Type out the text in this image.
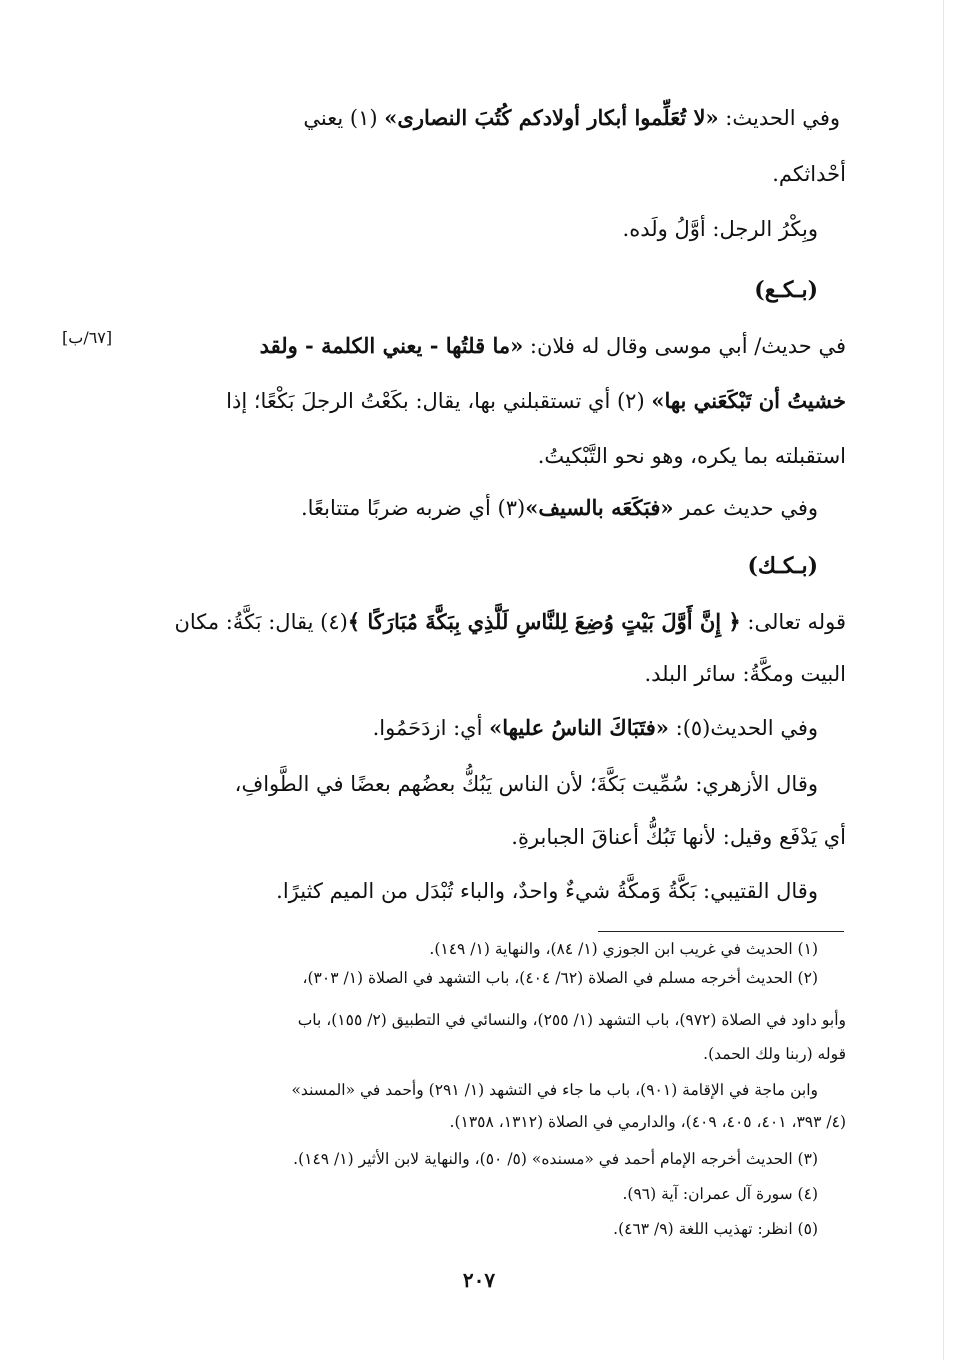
وفي الحديث: «لا تُعَلِّموا أبكار أولادكم كُتُبَ النصارى» (١) يعني
أحْداثكم.
وبِكْرُ الرجل: أوَّلُ ولَده.
(بـكـع)
في حديث/ أبي موسى وقال له فلان: «ما قلتُها - يعني الكلمة - ولقد
[٦٧/ب]
خشيتُ أن تَبْكَعَني بها» (٢) أي تستقبلني بها، يقال: بكَعْتُ الرجلَ بَكْعًا؛ إذا
استقبلته بما يكره، وهو نحو التَّبْكيتُ.
وفي حديث عمر «فبَكَعَه بالسيف»(٣) أي ضربه ضربًا متتابعًا.
(بـكـك)
قوله تعالى: ﴿ إِنَّ أَوَّلَ بَيْتٍ وُضِعَ لِلنَّاسِ لَلَّذِي بِبَكَّةَ مُبَارَكًا ﴾(٤) يقال: بَكَّةُ: مكان
البيت ومكَّةُ: سائر البلد.
وفي الحديث(٥): «فتَبَاكَ الناسُ عليها» أي: ازدَحَمُوا.
وقال الأزهري: سُمِّيت بَكَّةَ؛ لأن الناس يَبُكُّ بعضُهم بعضًا في الطَّوافِ،
أي يَدْفَع وقيل: لأنها تَبُكُّ أعناقَ الجبابرةِ.
وقال القتيبي: بَكَّةُ وَمكَّةُ شيءٌ واحدٌ، والباء تُبْدَل من الميم كثيرًا.
(١) الحديث في غريب ابن الجوزي (١/ ٨٤)، والنهاية (١/ ١٤٩).
(٢) الحديث أخرجه مسلم في الصلاة (٦٢/ ٤٠٤)، باب التشهد في الصلاة (١/ ٣٠٣)،
وأبو داود في الصلاة (٩٧٢)، باب التشهد (١/ ٢٥٥)، والنسائي في التطبيق (٢/ ١٥٥)، باب
قوله (ربنا ولك الحمد).
وابن ماجة في الإقامة (٩٠١)، باب ما جاء في التشهد (١/ ٢٩١) وأحمد في «المسند»
(٤/ ٣٩٣، ٤٠١، ٤٠٥، ٤٠٩)، والدارمي في الصلاة (١٣١٢، ١٣٥٨).
(٣) الحديث أخرجه الإمام أحمد في «مسنده» (٥/ ٥٠)، والنهاية لابن الأثير (١/ ١٤٩).
(٤) سورة آل عمران: آية (٩٦).
(٥) انظر: تهذيب اللغة (٩/ ٤٦٣).
٢٠٧
